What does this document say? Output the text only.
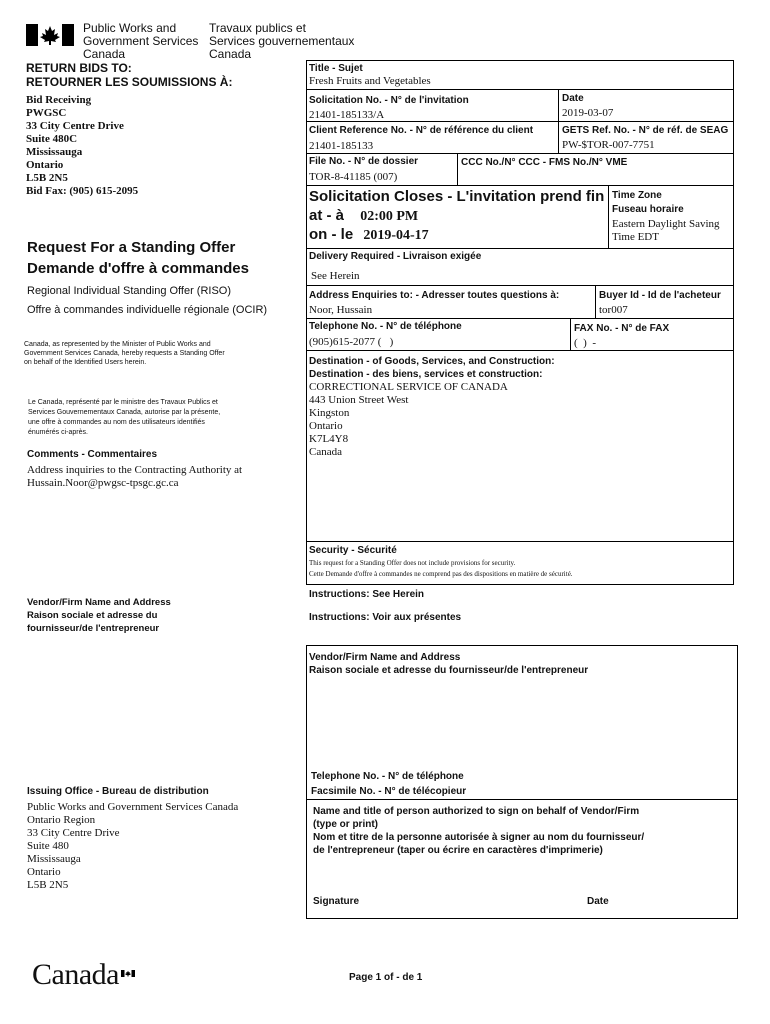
Public Works and
Government Services
Canada
Travaux publics et
Services gouvernementaux
Canada
RETURN BIDS TO:
RETOURNER LES SOUMISSIONS À:
Bid Receiving
PWGSC
33 City Centre Drive
Suite 480C
Mississauga
Ontario
L5B 2N5
Bid Fax: (905) 615-2095
Request For a Standing Offer
Demande d'offre à commandes
Regional Individual Standing Offer (RISO)
Offre à commandes individuelle régionale (OCIR)
Canada, as represented by the Minister of Public Works and
Government Services Canada, hereby requests a Standing Offer
on behalf of the Identified Users herein.
Le Canada, représenté par le ministre des Travaux Publics et
Services Gouvernementaux Canada, autorise par la présente,
une offre à commandes au nom des utilisateurs identifiés
énumérés ci-après.
Comments - Commentaires
Address inquiries to the Contracting Authority at
Hussain.Noor@pwgsc-tpsgc.gc.ca
Vendor/Firm Name and Address
Raison sociale et adresse du
fournisseur/de l'entrepreneur
Issuing Office - Bureau de distribution
Public Works and Government Services Canada
Ontario Region
33 City Centre Drive
Suite 480
Mississauga
Ontario
L5B 2N5
Title - Sujet
Fresh Fruits and Vegetables
Solicitation No. - N° de l'invitation
21401-185133/A
Date
2019-03-07
Client Reference No. - N° de référence du client
21401-185133
GETS Ref. No. - N° de réf. de SEAG
PW-$TOR-007-7751
File No. - N° de dossier
TOR-8-41185 (007)
CCC No./N° CCC - FMS No./N° VME
Solicitation Closes - L'invitation prend fin
at - à 02:00 PM
on - le 2019-04-17
Time Zone
Fuseau horaire
Eastern Daylight Saving
Time EDT
Delivery Required - Livraison exigée
See Herein
Address Enquiries to: - Adresser toutes questions à:
Noor, Hussain
Buyer Id - Id de l'acheteur
tor007
Telephone No. - N° de téléphone
(905)615-2077 (   )
FAX No. - N° de FAX
(  )  -
Destination - of Goods, Services, and Construction:
Destination - des biens, services et construction:
CORRECTIONAL SERVICE OF CANADA
443 Union Street West
Kingston
Ontario
K7L4Y8
Canada
Security - Sécurité
This request for a Standing Offer does not include provisions for security.
Cette Demande d'offre à commandes ne comprend pas des dispositions en matière de sécurité.
Instructions: See Herein
Instructions: Voir aux présentes
Vendor/Firm Name and Address
Raison sociale et adresse du fournisseur/de l'entrepreneur
Telephone No. - N° de téléphone
Facsimile No. - N° de télécopieur
Name and title of person authorized to sign on behalf of Vendor/Firm
(type or print)
Nom et titre de la personne autorisée à signer au nom du fournisseur/
de l'entrepreneur (taper ou écrire en caractères d'imprimerie)
Signature	Date
Canada	Page 1 of - de 1
